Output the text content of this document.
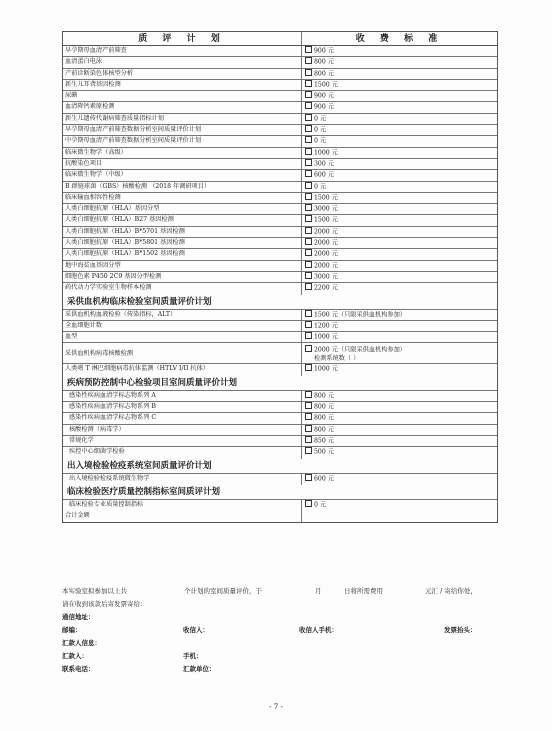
质 评 计 划	收 费 标 准
早孕期母血清产前筛查	900 元
血清蛋白电泳	800 元
产前诊断染色体核型分析	800 元
新生儿耳聋基因检测	1500 元
尿碘	900 元
血清降钙素原检测	900 元
新生儿遗传代谢病筛查质量指标计划	0 元
早孕期母血清产前筛查数据分析室间质量评价计划	0 元
中孕期母血清产前筛查数据分析室间质量评价计划	0 元
临床微生物学（高级）	1000 元
抗酸染色项目	300 元
临床微生物学（中级）	600 元
B 群链球菌（GBS）核酸检测 （2018 年调研项目）	0 元
临床输血相容性检测	1500 元
人类白细胞抗原（HLA）基因分型	3000 元
人类白细胞抗原（HLA）B27 基因检测	1500 元
人类白细胞抗原（HLA）B*5701 基因检测	2000 元
人类白细胞抗原（HLA）B*5801 基因检测	2000 元
人类白细胞抗原（HLA）B*1502 基因检测	2000 元
地中海贫血基因分型	2000 元
细胞色素 P450 2C9 基因分型检测	3000 元
药代动力学实验室生物样本检测	2200 元
采供血机构临床检验室间质量评价计划
采供血机构血液检验（传染指标，ALT）	1500 元（只限采供血机构参加）
全血细胞计数	1200 元
血型	1000 元
采供血机构病毒核酸检测	2000 元（只限采供血机构参加）
检测系统数（ ）
人类嗜 T 淋巴细胞病毒抗体监测（HTLV I/II 抗体）	1000 元
疾病预防控制中心检验项目室间质量评价计划
感染性疾病血清学标志物系列 A	800 元
感染性疾病血清学标志物系列 B	800 元
感染性疾病血清学标志物系列 C	800 元
核酸检测（病毒学）	800 元
常规化学	850 元
疾控中心细菌学检验	500 元
出入境检验检疫系统室间质量评价计划
出入境检验检疫系统微生物学	600 元
临床检验医疗质量控制指标室间质评计划
临床检验专业质量控制指标	0 元
合计金额
本实验室拟参加以上共	个计划的室间质量评价，于	月	日将所需费用	元汇 / 寄给你处，
请在收到该款后寄发票寄给：
通信地址：
邮编：	收信人：	收信人手机：	发票抬头：
汇款人信息：
汇款人：	手机：
联系电话：	汇款单位：
- 7 -
